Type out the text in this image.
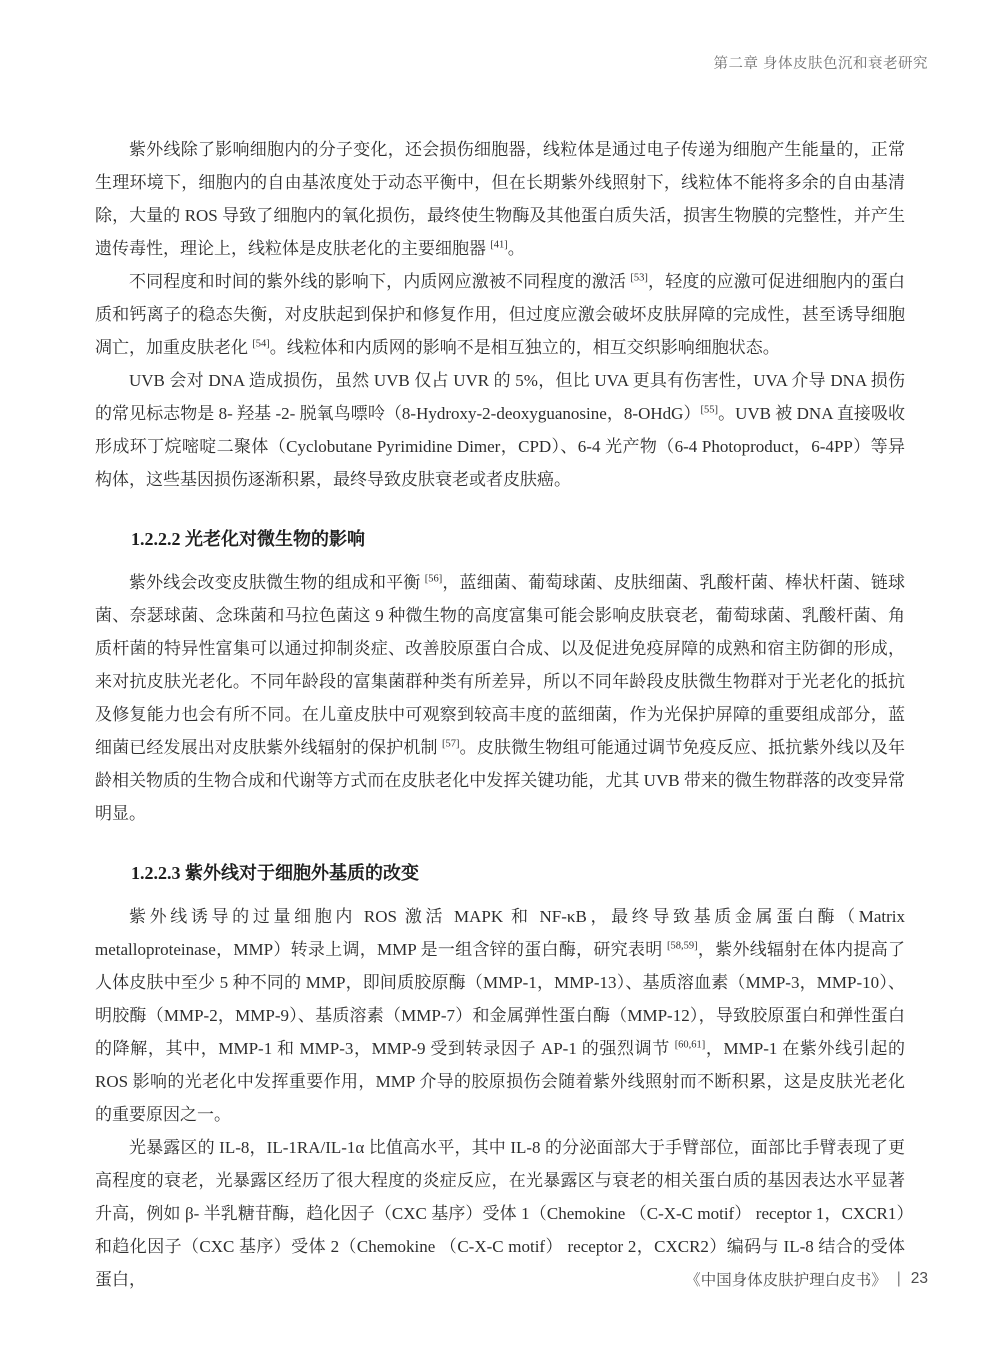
第二章 身体皮肤色沉和衰老研究

紫外线除了影响细胞内的分子变化，还会损伤细胞器，线粒体是通过电子传递为细胞产生能量的，正常生理环境下，细胞内的自由基浓度处于动态平衡中，但在长期紫外线照射下，线粒体不能将多余的自由基清除，大量的 ROS 导致了细胞内的氧化损伤，最终使生物酶及其他蛋白质失活，损害生物膜的完整性，并产生遗传毒性，理论上，线粒体是皮肤老化的主要细胞器 [41]。

不同程度和时间的紫外线的影响下，内质网应激被不同程度的激活 [53]，轻度的应激可促进细胞内的蛋白质和钙离子的稳态失衡，对皮肤起到保护和修复作用，但过度应激会破坏皮肤屏障的完成性，甚至诱导细胞凋亡，加重皮肤老化 [54]。线粒体和内质网的影响不是相互独立的，相互交织影响细胞状态。

UVB 会对 DNA 造成损伤，虽然 UVB 仅占 UVR 的 5%，但比 UVA 更具有伤害性，UVA 介导 DNA 损伤的常见标志物是 8- 羟基 -2- 脱氧鸟嘌呤（8-Hydroxy-2-deoxyguanosine，8-OHdG）[55]。UVB 被 DNA 直接吸收形成环丁烷嘧啶二聚体（Cyclobutane Pyrimidine Dimer，CPD）、6-4 光产物（6-4 Photoproduct，6-4PP）等异构体，这些基因损伤逐渐积累，最终导致皮肤衰老或者皮肤癌。

1.2.2.2 光老化对微生物的影响

紫外线会改变皮肤微生物的组成和平衡 [56]，蓝细菌、葡萄球菌、皮肤细菌、乳酸杆菌、棒状杆菌、链球菌、奈瑟球菌、念珠菌和马拉色菌这 9 种微生物的高度富集可能会影响皮肤衰老，葡萄球菌、乳酸杆菌、角质杆菌的特异性富集可以通过抑制炎症、改善胶原蛋白合成、以及促进免疫屏障的成熟和宿主防御的形成，来对抗皮肤光老化。不同年龄段的富集菌群种类有所差异，所以不同年龄段皮肤微生物群对于光老化的抵抗及修复能力也会有所不同。在儿童皮肤中可观察到较高丰度的蓝细菌，作为光保护屏障的重要组成部分，蓝细菌已经发展出对皮肤紫外线辐射的保护机制 [57]。皮肤微生物组可能通过调节免疫反应、抵抗紫外线以及年龄相关物质的生物合成和代谢等方式而在皮肤老化中发挥关键功能，尤其 UVB 带来的微生物群落的改变异常明显。

1.2.2.3 紫外线对于细胞外基质的改变

紫外线诱导的过量细胞内 ROS 激活 MAPK 和 NF-κB，最终导致基质金属蛋白酶（Matrix metalloproteinase，MMP）转录上调，MMP 是一组含锌的蛋白酶，研究表明 [58,59]，紫外线辐射在体内提高了人体皮肤中至少 5 种不同的 MMP，即间质胶原酶（MMP-1，MMP-13）、基质溶血素（MMP-3，MMP-10）、明胶酶（MMP-2，MMP-9）、基质溶素（MMP-7）和金属弹性蛋白酶（MMP-12），导致胶原蛋白和弹性蛋白的降解，其中，MMP-1 和 MMP-3，MMP-9 受到转录因子 AP-1 的强烈调节 [60,61]，MMP-1 在紫外线引起的 ROS 影响的光老化中发挥重要作用，MMP 介导的胶原损伤会随着紫外线照射而不断积累，这是皮肤光老化的重要原因之一。

光暴露区的 IL-8，IL-1RA/IL-1α 比值高水平，其中 IL-8 的分泌面部大于手臂部位，面部比手臂表现了更高程度的衰老，光暴露区经历了很大程度的炎症反应，在光暴露区与衰老的相关蛋白质的基因表达水平显著升高，例如 β- 半乳糖苷酶，趋化因子（CXC 基序）受体 1（Chemokine （C-X-C motif） receptor 1，CXCR1）和趋化因子（CXC 基序）受体 2（Chemokine （C-X-C motif） receptor 2，CXCR2）编码与 IL-8 结合的受体蛋白，	《中国身体皮肤护理白皮书》 | 23
